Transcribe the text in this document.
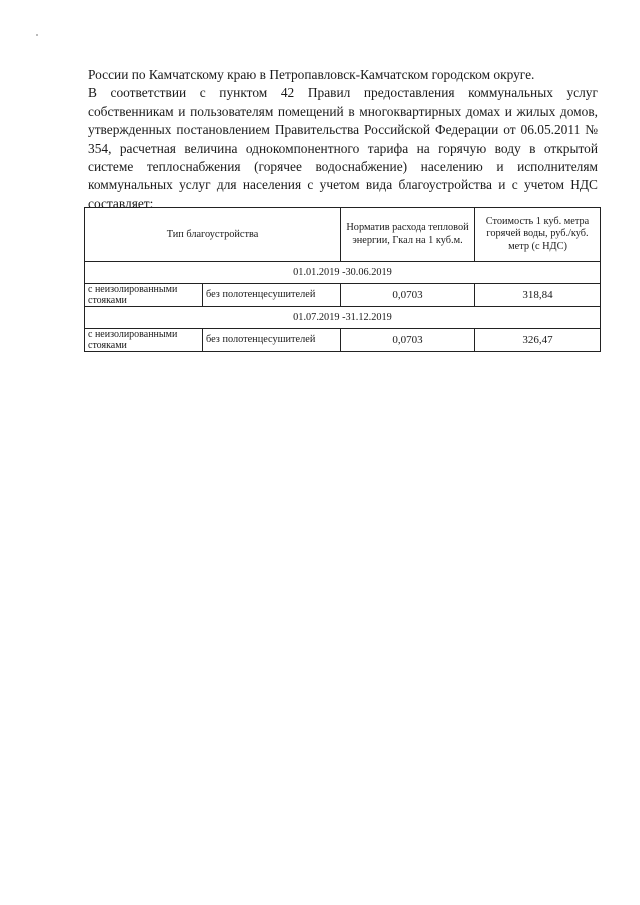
России по Камчатскому краю в Петропавловск-Камчатском городском округе.

В соответствии с пунктом 42 Правил предоставления коммунальных услуг собственникам и пользователям помещений в многоквартирных домах и жилых домов, утвержденных постановлением Правительства Российской Федерации от 06.05.2011 № 354, расчетная величина однокомпонентного тарифа на горячую воду в открытой системе теплоснабжения (горячее водоснабжение) населению и исполнителям коммунальных услуг для населения с учетом вида благоустройства и с учетом НДС составляет:

Тип благоустройства		Норматив расхода тепловой энергии, Гкал на 1 куб.м.	Стоимость 1 куб. метра горячей воды, руб./куб. метр (с НДС)
01.01.2019 -30.06.2019			
с неизолированными стояками	без полотенцесушителей	0,0703	318,84
01.07.2019 -31.12.2019			
с неизолированными стояками	без полотенцесушителей	0,0703	326,47
